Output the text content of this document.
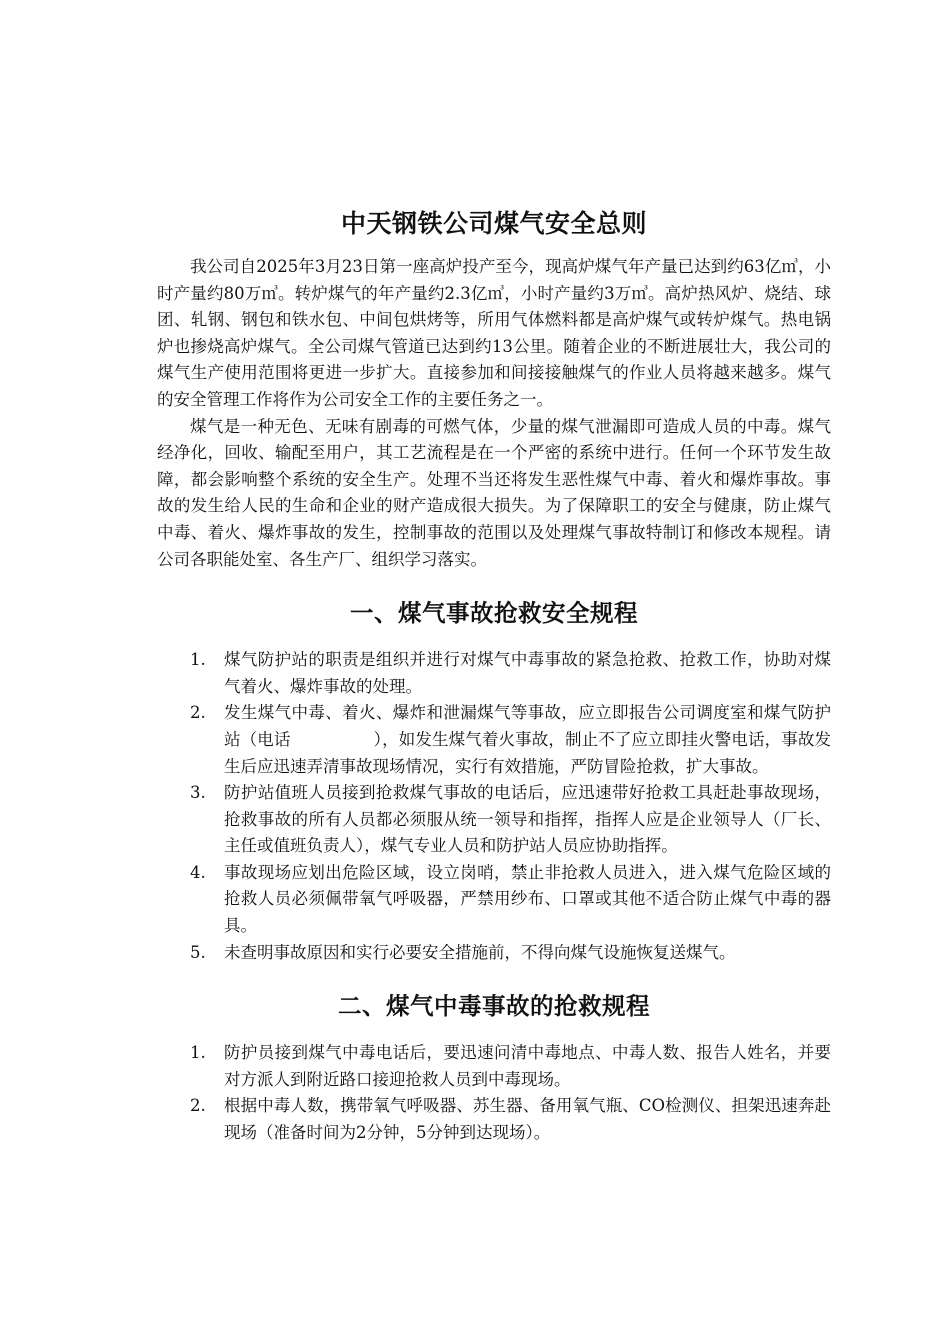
中天钢铁公司煤气安全总则

我公司自2025年3月23日第一座高炉投产至今，现高炉煤气年产量已达到约63亿㎥，小时产量约80万㎥。转炉煤气的年产量约2.3亿㎥，小时产量约3万㎥。高炉热风炉、烧结、球团、轧钢、钢包和铁水包、中间包烘烤等，所用气体燃料都是高炉煤气或转炉煤气。热电锅炉也掺烧高炉煤气。全公司煤气管道已达到约13公里。随着企业的不断进展壮大，我公司的煤气生产使用范围将更进一步扩大。直接参加和间接接触煤气的作业人员将越来越多。煤气的安全管理工作将作为公司安全工作的主要任务之一。

煤气是一种无色、无味有剧毒的可燃气体，少量的煤气泄漏即可造成人员的中毒。煤气经净化，回收、输配至用户，其工艺流程是在一个严密的系统中进行。任何一个环节发生故障，都会影响整个系统的安全生产。处理不当还将发生恶性煤气中毒、着火和爆炸事故。事故的发生给人民的生命和企业的财产造成很大损失。为了保障职工的安全与健康，防止煤气中毒、着火、爆炸事故的发生，控制事故的范围以及处理煤气事故特制订和修改本规程。请公司各职能处室、各生产厂、组织学习落实。

一、煤气事故抢救安全规程
1.	煤气防护站的职责是组织并进行对煤气中毒事故的紧急抢救、抢救工作，协助对煤气着火、爆炸事故的处理。
2.	发生煤气中毒、着火、爆炸和泄漏煤气等事故，应立即报告公司调度室和煤气防护站（电话　　　　　），如发生煤气着火事故，制止不了应立即挂火警电话，事故发生后应迅速弄清事故现场情况，实行有效措施，严防冒险抢救，扩大事故。
3.	防护站值班人员接到抢救煤气事故的电话后，应迅速带好抢救工具赶赴事故现场，抢救事故的所有人员都必须服从统一领导和指挥，指挥人应是企业领导人（厂长、主任或值班负责人），煤气专业人员和防护站人员应协助指挥。
4.	事故现场应划出危险区域，设立岗哨，禁止非抢救人员进入，进入煤气危险区域的抢救人员必须佩带氧气呼吸器，严禁用纱布、口罩或其他不适合防止煤气中毒的器具。
5.	未查明事故原因和实行必要安全措施前，不得向煤气设施恢复送煤气。
二、煤气中毒事故的抢救规程
1.	防护员接到煤气中毒电话后，要迅速问清中毒地点、中毒人数、报告人姓名，并要对方派人到附近路口接迎抢救人员到中毒现场。
2.	根据中毒人数，携带氧气呼吸器、苏生器、备用氧气瓶、CO检测仪、担架迅速奔赴现场（准备时间为2分钟，5分钟到达现场）。
